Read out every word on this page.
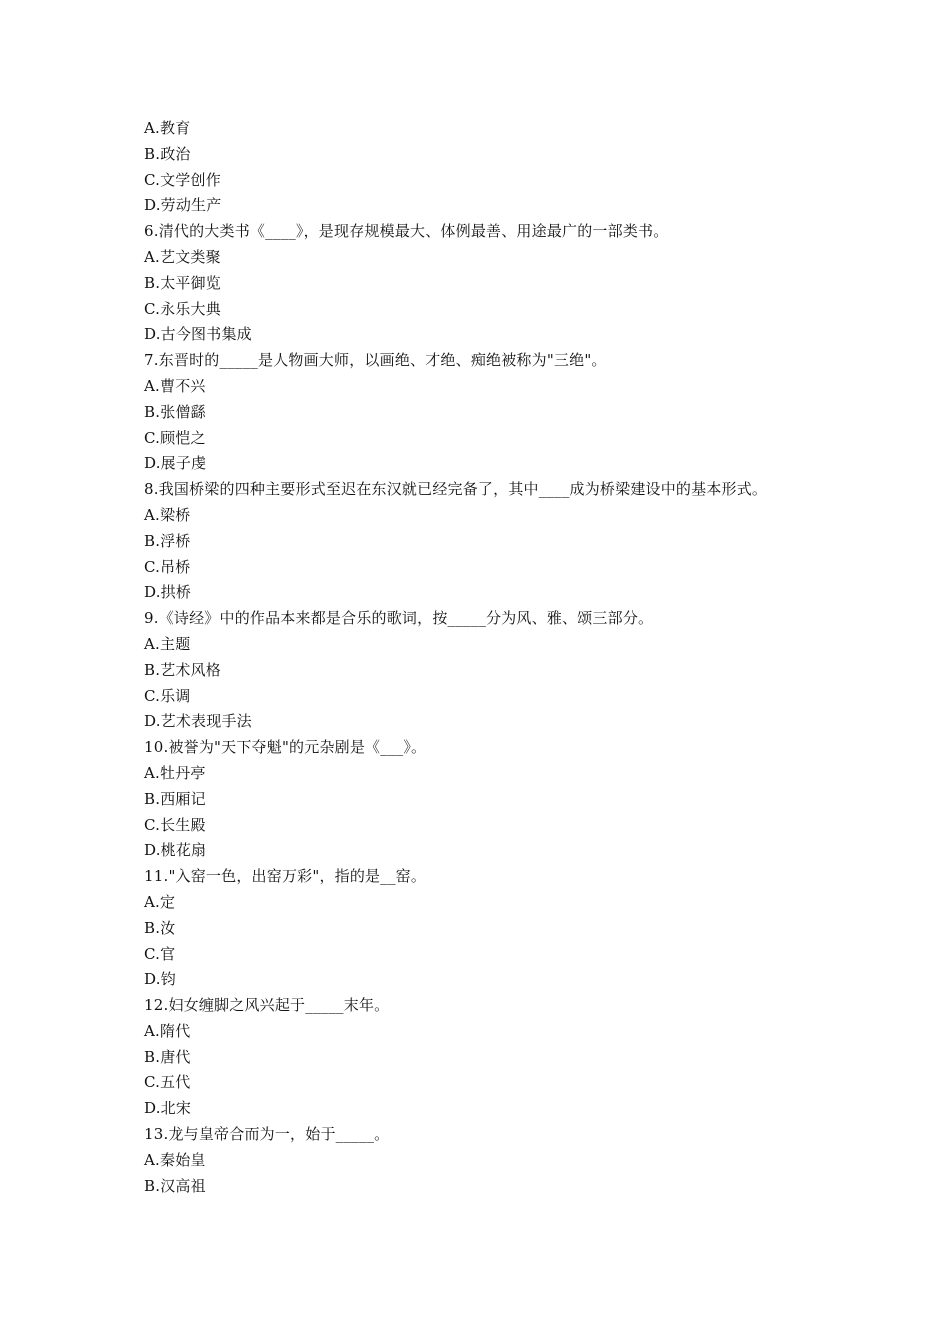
A.教育
B.政治
C.文学创作
D.劳动生产
6.清代的大类书《____》，是现存规模最大、体例最善、用途最广的一部类书。
A.艺文类聚
B.太平御览
C.永乐大典
D.古今图书集成
7.东晋时的_____是人物画大师，以画绝、才绝、痴绝被称为"三绝"。
A.曹不兴
B.张僧繇
C.顾恺之
D.展子虔
8.我国桥梁的四种主要形式至迟在东汉就已经完备了，其中____成为桥梁建设中的基本形式。
A.梁桥
B.浮桥
C.吊桥
D.拱桥
9.《诗经》中的作品本来都是合乐的歌词，按_____分为风、雅、颂三部分。
A.主题
B.艺术风格
C.乐调
D.艺术表现手法
10.被誉为"天下夺魁"的元杂剧是《___》。
A.牡丹亭
B.西厢记
C.长生殿
D.桃花扇
11."入窑一色，出窑万彩"，指的是__窑。
A.定
B.汝
C.官
D.钧
12.妇女缠脚之风兴起于_____末年。
A.隋代
B.唐代
C.五代
D.北宋
13.龙与皇帝合而为一，始于_____。
A.秦始皇
B.汉高祖
